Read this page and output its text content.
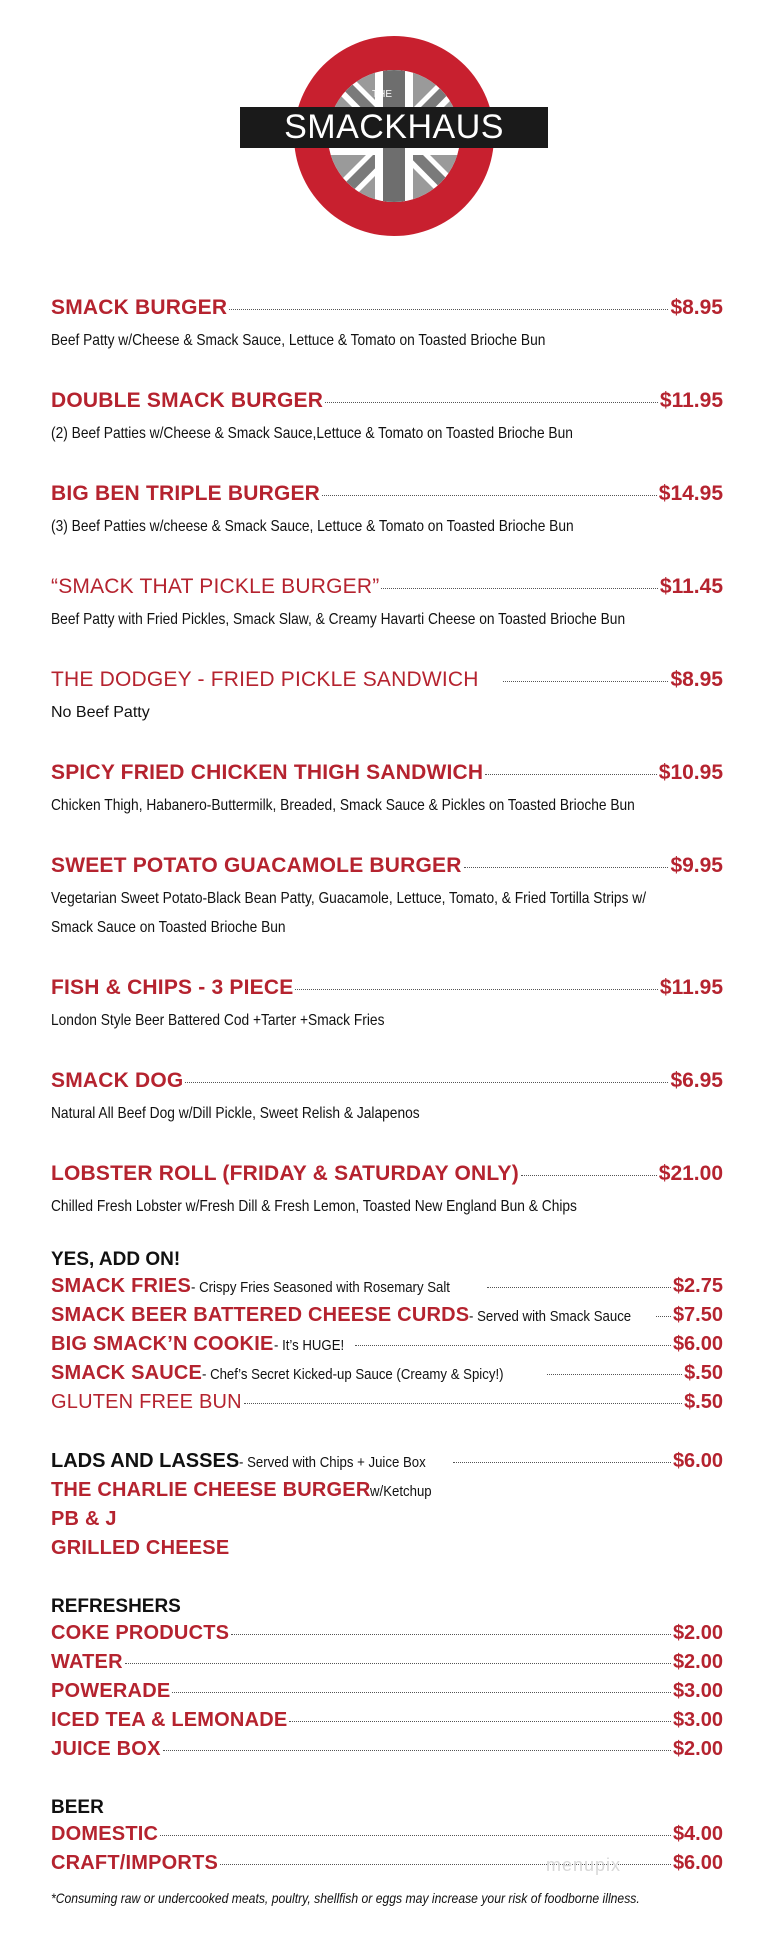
THE
SMACKHAUS
SMACK BURGER	$8.95
Beef Patty w/Cheese & Smack Sauce, Lettuce & Tomato on Toasted Brioche Bun
DOUBLE SMACK BURGER	$11.95
(2) Beef Patties w/Cheese & Smack Sauce,Lettuce & Tomato on Toasted Brioche Bun
BIG BEN TRIPLE BURGER	$14.95
(3) Beef Patties w/cheese & Smack Sauce, Lettuce & Tomato on Toasted Brioche Bun
“SMACK THAT PICKLE BURGER”	$11.45
Beef Patty with Fried Pickles, Smack Slaw, & Creamy Havarti Cheese on Toasted Brioche Bun
THE DODGEY - FRIED PICKLE SANDWICH	$8.95
No Beef Patty
SPICY FRIED CHICKEN THIGH SANDWICH	$10.95
Chicken Thigh, Habanero-Buttermilk, Breaded, Smack Sauce & Pickles on Toasted Brioche Bun
SWEET POTATO GUACAMOLE BURGER	$9.95
Vegetarian Sweet Potato-Black Bean Patty, Guacamole, Lettuce, Tomato, & Fried Tortilla Strips w/
Smack Sauce on Toasted Brioche Bun
FISH & CHIPS - 3 PIECE	$11.95
London Style Beer Battered Cod +Tarter +Smack Fries
SMACK DOG	$6.95
Natural All Beef Dog w/Dill Pickle, Sweet Relish & Jalapenos
LOBSTER ROLL (FRIDAY & SATURDAY ONLY)	$21.00
Chilled Fresh Lobster w/Fresh Dill & Fresh Lemon, Toasted New England Bun & Chips
YES, ADD ON!
SMACK FRIES - Crispy Fries Seasoned with Rosemary Salt	$2.75
SMACK BEER BATTERED CHEESE CURDS - Served with Smack Sauce $7.50
BIG SMACK’N COOKIE - It’s HUGE!	$6.00
SMACK SAUCE - Chef’s Secret Kicked-up Sauce (Creamy & Spicy!)	$.50
GLUTEN FREE BUN	$.50
LADS AND LASSES - Served with Chips + Juice Box	$6.00
THE CHARLIE CHEESE BURGER w/Ketchup
PB & J
GRILLED CHEESE
REFRESHERS
COKE PRODUCTS	$2.00
WATER	$2.00
POWERADE	$3.00
ICED TEA & LEMONADE	$3.00
JUICE BOX	$2.00
BEER
DOMESTIC	$4.00
CRAFT/IMPORTS	$6.00
menupix
*Consuming raw or undercooked meats, poultry, shellfish or eggs may increase your risk of foodborne illness.
